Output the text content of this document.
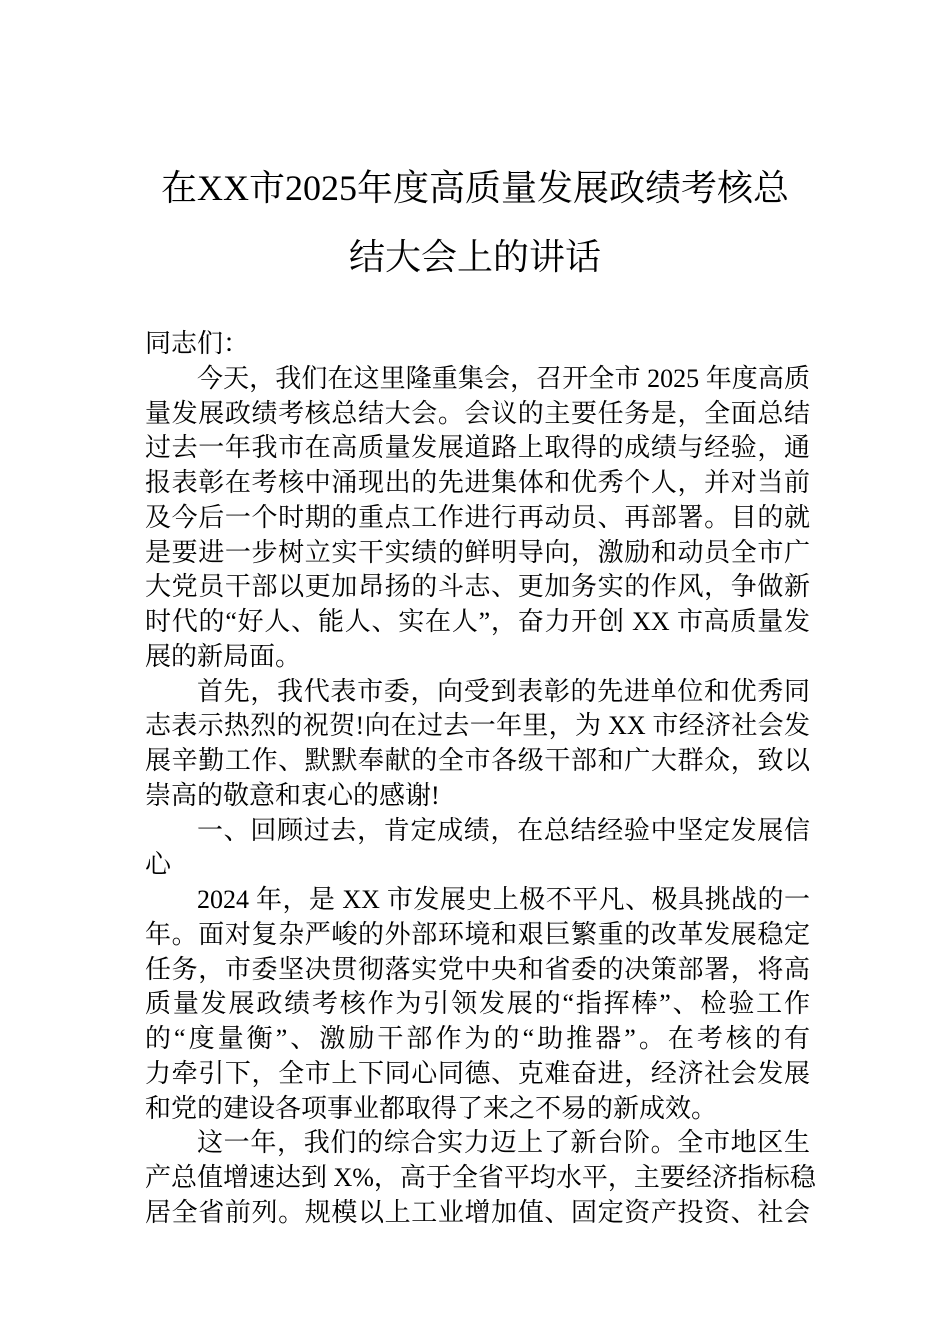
在XX市2025年度高质量发展政绩考核总
结大会上的讲话
同志们：
今天，我们在这里隆重集会，召开全市 2025 年度高质
量发展政绩考核总结大会。会议的主要任务是，全面总结
过去一年我市在高质量发展道路上取得的成绩与经验，通
报表彰在考核中涌现出的先进集体和优秀个人，并对当前
及今后一个时期的重点工作进行再动员、再部署。目的就
是要进一步树立实干实绩的鲜明导向，激励和动员全市广
大党员干部以更加昂扬的斗志、更加务实的作风，争做新
时代的“好人、能人、实在人”，奋力开创 XX 市高质量发
展的新局面。
首先，我代表市委，向受到表彰的先进单位和优秀同
志表示热烈的祝贺!向在过去一年里，为 XX 市经济社会发
展辛勤工作、默默奉献的全市各级干部和广大群众，致以
崇高的敬意和衷心的感谢!
一、回顾过去，肯定成绩，在总结经验中坚定发展信
心
2024 年，是 XX 市发展史上极不平凡、极具挑战的一
年。面对复杂严峻的外部环境和艰巨繁重的改革发展稳定
任务，市委坚决贯彻落实党中央和省委的决策部署，将高
质量发展政绩考核作为引领发展的“指挥棒”、检验工作
的“度量衡”、激励干部作为的“助推器”。在考核的有
力牵引下，全市上下同心同德、克难奋进，经济社会发展
和党的建设各项事业都取得了来之不易的新成效。
这一年，我们的综合实力迈上了新台阶。全市地区生
产总值增速达到 X%，高于全省平均水平，主要经济指标稳
居全省前列。规模以上工业增加值、固定资产投资、社会
